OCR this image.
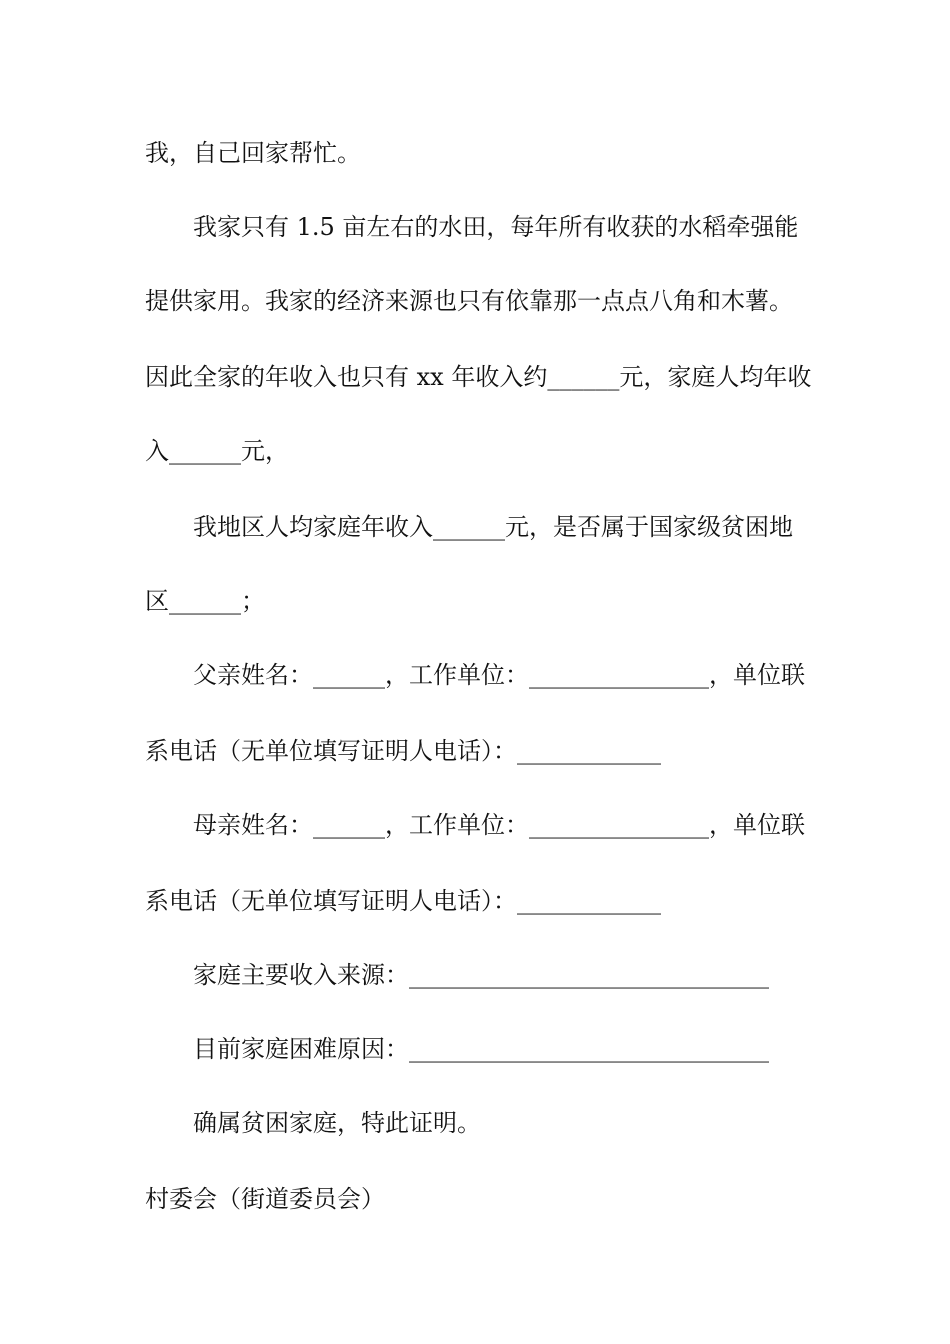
我，自己回家帮忙。
我家只有 1.5 亩左右的水田，每年所有收获的水稻牵强能
提供家用。我家的经济来源也只有依靠那一点点八角和木薯。
因此全家的年收入也只有 xx 年收入约______元，家庭人均年收
入______元，
我地区人均家庭年收入______元，是否属于国家级贫困地
区______；
父亲姓名：______，工作单位：_______________，单位联
系电话（无单位填写证明人电话）：____________
母亲姓名：______，工作单位：_______________，单位联
系电话（无单位填写证明人电话）：____________
家庭主要收入来源：______________________________
目前家庭困难原因：______________________________
确属贫困家庭，特此证明。
村委会（街道委员会）
